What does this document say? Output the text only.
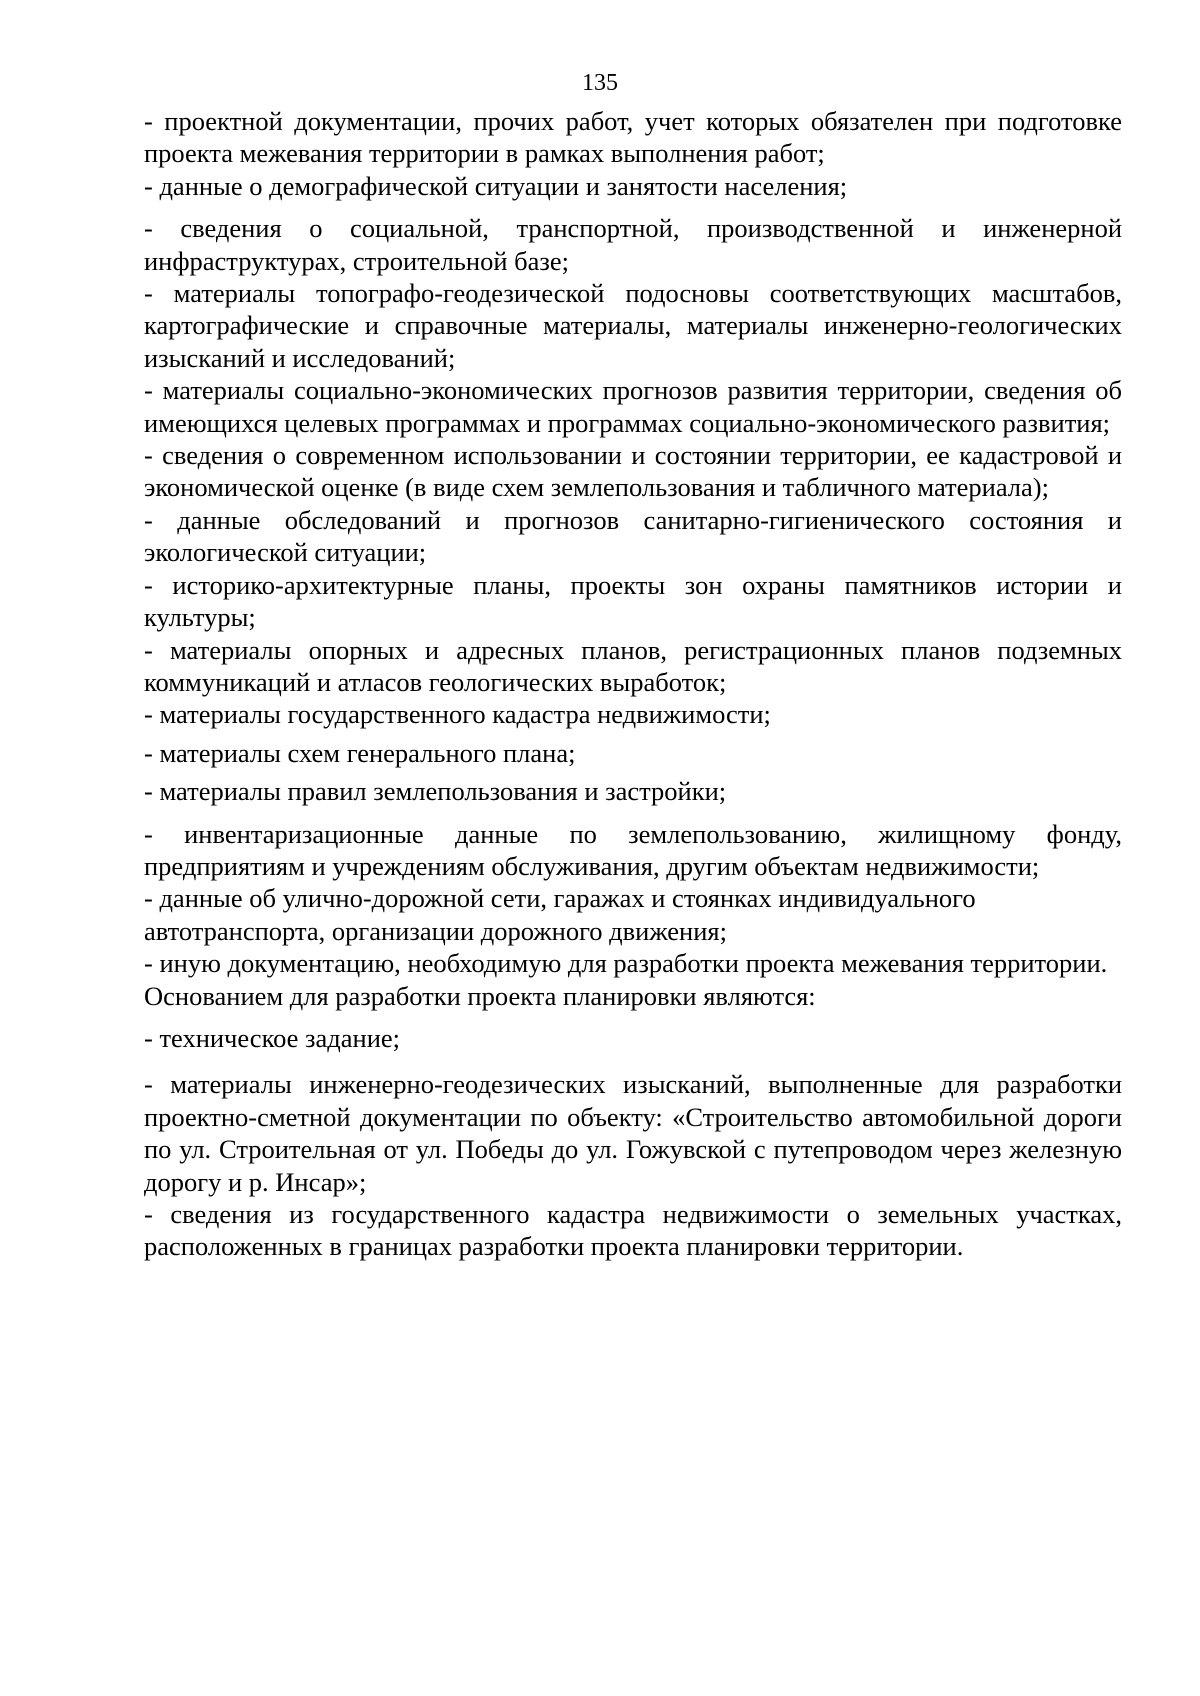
135

- проектной документации, прочих работ, учет которых обязателен при подготовке проекта межевания территории в рамках выполнения работ;

- данные о демографической ситуации и занятости населения;

- сведения о социальной, транспортной, производственной и инженерной инфраструктурах, строительной базе;

- материалы топографо-геодезической подосновы соответствующих масштабов, картографические и справочные материалы, материалы инженерно-геологических изысканий и исследований;

- материалы социально-экономических прогнозов развития территории, сведения об имеющихся целевых программах и программах социально-экономического развития;

- сведения о современном использовании и состоянии территории, ее кадастровой и экономической оценке (в виде схем землепользования и табличного материала);

- данные обследований и прогнозов санитарно-гигиенического состояния и экологической ситуации;

- историко-архитектурные планы, проекты зон охраны памятников истории и культуры;

- материалы опорных и адресных планов, регистрационных планов подземных коммуникаций и атласов геологических выработок;

- материалы государственного кадастра недвижимости;

- материалы схем генерального плана;

- материалы правил землепользования и застройки;

- инвентаризационные данные по землепользованию, жилищному фонду, предприятиям и учреждениям обслуживания, другим объектам недвижимости;

- данные об улично-дорожной сети, гаражах и стоянках индивидуального автотранспорта, организации дорожного движения;

- иную документацию, необходимую для разработки проекта межевания территории.

Основанием для разработки проекта планировки являются:

- техническое задание;

- материалы инженерно-геодезических изысканий, выполненные для разработки проектно-сметной документации по объекту: «Строительство автомобильной дороги по ул. Строительная от ул. Победы до ул. Гожувской с путепроводом через железную дорогу и р. Инсар»;

- сведения из государственного кадастра недвижимости о земельных участках, расположенных в границах разработки проекта планировки территории.
